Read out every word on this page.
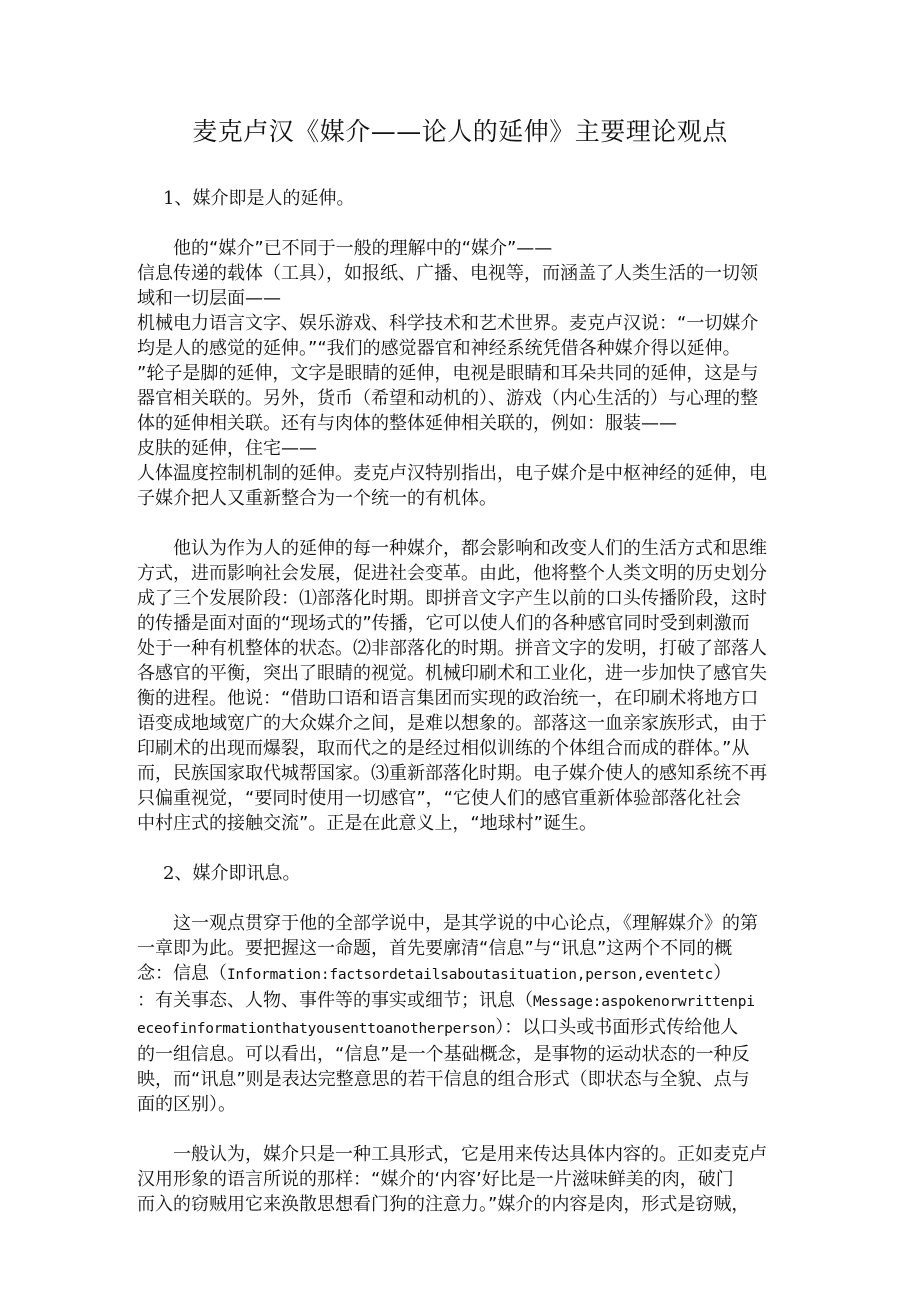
麦克卢汉《媒介——论人的延伸》主要理论观点

1、媒介即是人的延伸。

他的“媒介”已不同于一般的理解中的“媒介”——
信息传递的载体（工具），如报纸、广播、电视等，而涵盖了人类生活的一切领
域和一切层面——
机械电力语言文字、娱乐游戏、科学技术和艺术世界。麦克卢汉说：“一切媒介
均是人的感觉的延伸。”“我们的感觉器官和神经系统凭借各种媒介得以延伸。
”轮子是脚的延伸，文字是眼睛的延伸，电视是眼睛和耳朵共同的延伸，这是与
器官相关联的。另外，货币（希望和动机的）、游戏（内心生活的）与心理的整
体的延伸相关联。还有与肉体的整体延伸相关联的，例如：服装——
皮肤的延伸，住宅——
人体温度控制机制的延伸。麦克卢汉特别指出，电子媒介是中枢神经的延伸，电
子媒介把人又重新整合为一个统一的有机体。
他认为作为人的延伸的每一种媒介，都会影响和改变人们的生活方式和思维
方式，进而影响社会发展，促进社会变革。由此，他将整个人类文明的历史划分
成了三个发展阶段：⑴部落化时期。即拼音文字产生以前的口头传播阶段，这时
的传播是面对面的“现场式的”传播，它可以使人们的各种感官同时受到刺激而
处于一种有机整体的状态。⑵非部落化的时期。拼音文字的发明，打破了部落人
各感官的平衡，突出了眼睛的视觉。机械印刷术和工业化，进一步加快了感官失
衡的进程。他说：“借助口语和语言集团而实现的政治统一，在印刷术将地方口
语变成地域宽广的大众媒介之间，是难以想象的。部落这一血亲家族形式，由于
印刷术的出现而爆裂，取而代之的是经过相似训练的个体组合而成的群体。”从
而，民族国家取代城帮国家。⑶重新部落化时期。电子媒介使人的感知系统不再
只偏重视觉，“要同时使用一切感官”，“它使人们的感官重新体验部落化社会
中村庄式的接触交流”。正是在此意义上，“地球村”诞生。

2、媒介即讯息。

这一观点贯穿于他的全部学说中，是其学说的中心论点，《理解媒介》的第
一章即为此。要把握这一命题，首先要廓清“信息”与“讯息”这两个不同的概
念：信息（Information:factsordetailsaboutasituation,person,eventetc）
：有关事态、人物、事件等的事实或细节；讯息（Message:aspokenorwrittenpi
eceofinformationthatyousenttoanotherperson）：以口头或书面形式传给他人
的一组信息。可以看出，“信息”是一个基础概念，是事物的运动状态的一种反
映，而“讯息”则是表达完整意思的若干信息的组合形式（即状态与全貌、点与
面的区别）。
一般认为，媒介只是一种工具形式，它是用来传达具体内容的。正如麦克卢
汉用形象的语言所说的那样：“媒介的‘内容’好比是一片滋味鲜美的肉，破门
而入的窃贼用它来涣散思想看门狗的注意力。”媒介的内容是肉，形式是窃贼，
